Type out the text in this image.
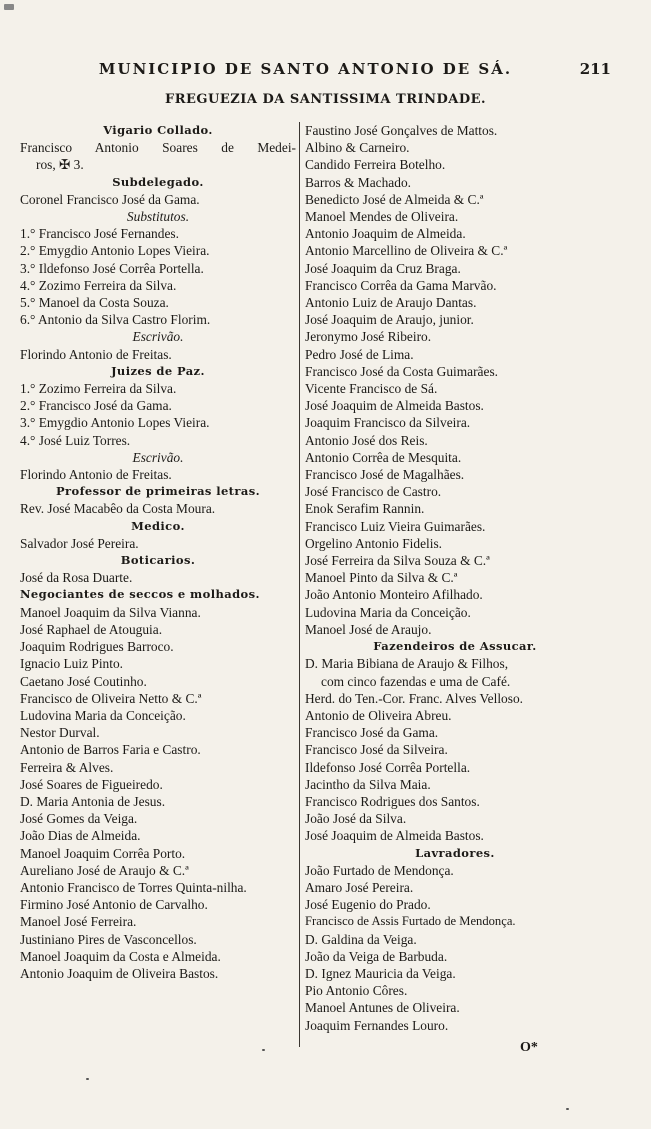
MUNICIPIO DE SANTO ANTONIO DE SÁ.	211
FREGUEZIA DA SANTISSIMA TRINDADE.

Vigario Collado.

Francisco Antonio Soares de Medei-

ros, ✠ 3.

Subdelegado.

Coronel Francisco José da Gama.

Substitutos.

1.° Francisco José Fernandes.

2.° Emygdio Antonio Lopes Vieira.

3.° Ildefonso José Corrêa Portella.

4.° Zozimo Ferreira da Silva.

5.° Manoel da Costa Souza.

6.° Antonio da Silva Castro Florim.

Escrivão.

Florindo Antonio de Freitas.

Juizes de Paz.

1.° Zozimo Ferreira da Silva.

2.° Francisco José da Gama.

3.° Emygdio Antonio Lopes Vieira.

4.° José Luiz Torres.

Escrivão.

Florindo Antonio de Freitas.

Professor de primeiras letras.

Rev. José Macabêo da Costa Moura.

Medico.

Salvador José Pereira.

Boticarios.

José da Rosa Duarte.

Negociantes de seccos e molhados.

Manoel Joaquim da Silva Vianna.

José Raphael de Atouguia.

Joaquim Rodrigues Barroco.

Ignacio Luiz Pinto.

Caetano José Coutinho.

Francisco de Oliveira Netto & C.ª

Ludovina Maria da Conceição.

Nestor Durval.

Antonio de Barros Faria e Castro.

Ferreira & Alves.

José Soares de Figueiredo.

D. Maria Antonia de Jesus.

José Gomes da Veiga.

João Dias de Almeida.

Manoel Joaquim Corrêa Porto.

Aureliano José de Araujo & C.ª

Antonio Francisco de Torres Quinta-nilha.

Firmino José Antonio de Carvalho.

Manoel José Ferreira.

Justiniano Pires de Vasconcellos.

Manoel Joaquim da Costa e Almeida.

Antonio Joaquim de Oliveira Bastos.

Faustino José Gonçalves de Mattos.

Albino & Carneiro.

Candido Ferreira Botelho.

Barros & Machado.

Benedicto José de Almeida & C.ª

Manoel Mendes de Oliveira.

Antonio Joaquim de Almeida.

Antonio Marcellino de Oliveira & C.ª

José Joaquim da Cruz Braga.

Francisco Corrêa da Gama Marvão.

Antonio Luiz de Araujo Dantas.

José Joaquim de Araujo, junior.

Jeronymo José Ribeiro.

Pedro José de Lima.

Francisco José da Costa Guimarães.

Vicente Francisco de Sá.

José Joaquim de Almeida Bastos.

Joaquim Francisco da Silveira.

Antonio José dos Reis.

Antonio Corrêa de Mesquita.

Francisco José de Magalhães.

José Francisco de Castro.

Enok Serafim Rannin.

Francisco Luiz Vieira Guimarães.

Orgelino Antonio Fidelis.

José Ferreira da Silva Souza & C.ª

Manoel Pinto da Silva & C.ª

João Antonio Monteiro Afilhado.

Ludovina Maria da Conceição.

Manoel José de Araujo.

Fazendeiros de Assucar.

D. Maria Bibiana de Araujo & Filhos,

com cinco fazendas e uma de Café.

Herd. do Ten.-Cor. Franc. Alves Velloso.

Antonio de Oliveira Abreu.

Francisco José da Gama.

Francisco José da Silveira.

Ildefonso José Corrêa Portella.

Jacintho da Silva Maia.

Francisco Rodrigues dos Santos.

João José da Silva.

José Joaquim de Almeida Bastos.

Lavradores.

João Furtado de Mendonça.

Amaro José Pereira.

José Eugenio do Prado.

Francisco de Assis Furtado de Mendonça.

D. Galdina da Veiga.

João da Veiga de Barbuda.

D. Ignez Mauricia da Veiga.

Pio Antonio Côres.

Manoel Antunes de Oliveira.

Joaquim Fernandes Louro.

O*
